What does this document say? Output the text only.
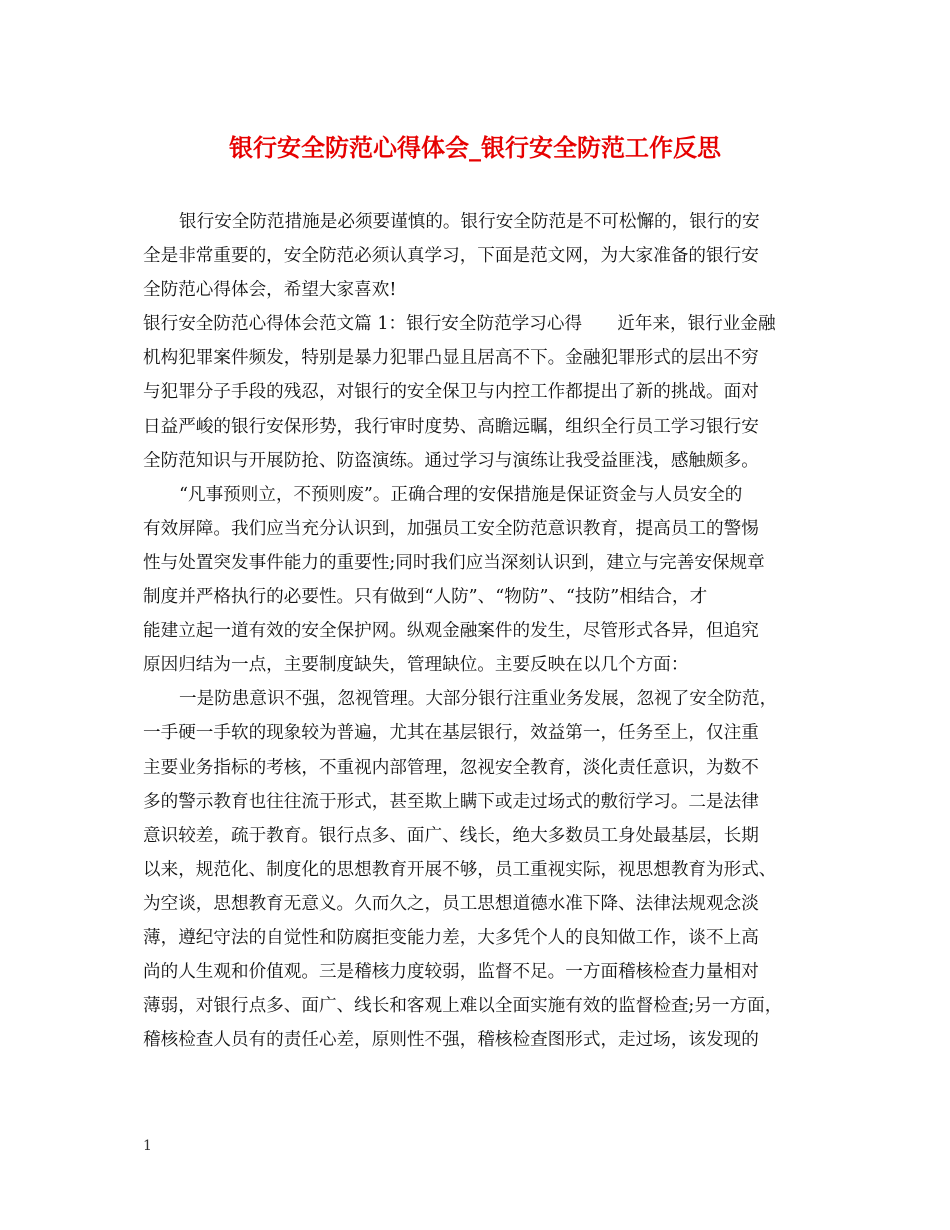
银行安全防范心得体会_银行安全防范工作反思
银行安全防范措施是必须要谨慎的。银行安全防范是不可松懈的，银行的安
全是非常重要的，安全防范必须认真学习，下面是范文网，为大家准备的银行安
全防范心得体会，希望大家喜欢!
银行安全防范心得体会范文篇 1：银行安全防范学习心得　　近年来，银行业金融
机构犯罪案件频发，特别是暴力犯罪凸显且居高不下。金融犯罪形式的层出不穷
与犯罪分子手段的残忍，对银行的安全保卫与内控工作都提出了新的挑战。面对
日益严峻的银行安保形势，我行审时度势、高瞻远瞩，组织全行员工学习银行安
全防范知识与开展防抢、防盗演练。通过学习与演练让我受益匪浅，感触颇多。
“凡事预则立，不预则废”。正确合理的安保措施是保证资金与人员安全的
有效屏障。我们应当充分认识到，加强员工安全防范意识教育，提高员工的警惕
性与处置突发事件能力的重要性;同时我们应当深刻认识到，建立与完善安保规章
制度并严格执行的必要性。只有做到“人防”、“物防”、“技防”相结合，才
能建立起一道有效的安全保护网。纵观金融案件的发生，尽管形式各异，但追究
原因归结为一点，主要制度缺失，管理缺位。主要反映在以几个方面：
一是防患意识不强，忽视管理。大部分银行注重业务发展，忽视了安全防范，
一手硬一手软的现象较为普遍，尤其在基层银行，效益第一，任务至上，仅注重
主要业务指标的考核，不重视内部管理，忽视安全教育，淡化责任意识，为数不
多的警示教育也往往流于形式，甚至欺上瞒下或走过场式的敷衍学习。二是法律
意识较差，疏于教育。银行点多、面广、线长，绝大多数员工身处最基层，长期
以来，规范化、制度化的思想教育开展不够，员工重视实际，视思想教育为形式、
为空谈，思想教育无意义。久而久之，员工思想道德水准下降、法律法规观念淡
薄，遵纪守法的自觉性和防腐拒变能力差，大多凭个人的良知做工作，谈不上高
尚的人生观和价值观。三是稽核力度较弱，监督不足。一方面稽核检查力量相对
薄弱，对银行点多、面广、线长和客观上难以全面实施有效的监督检查;另一方面，
稽核检查人员有的责任心差，原则性不强，稽核检查图形式，走过场，该发现的
1
